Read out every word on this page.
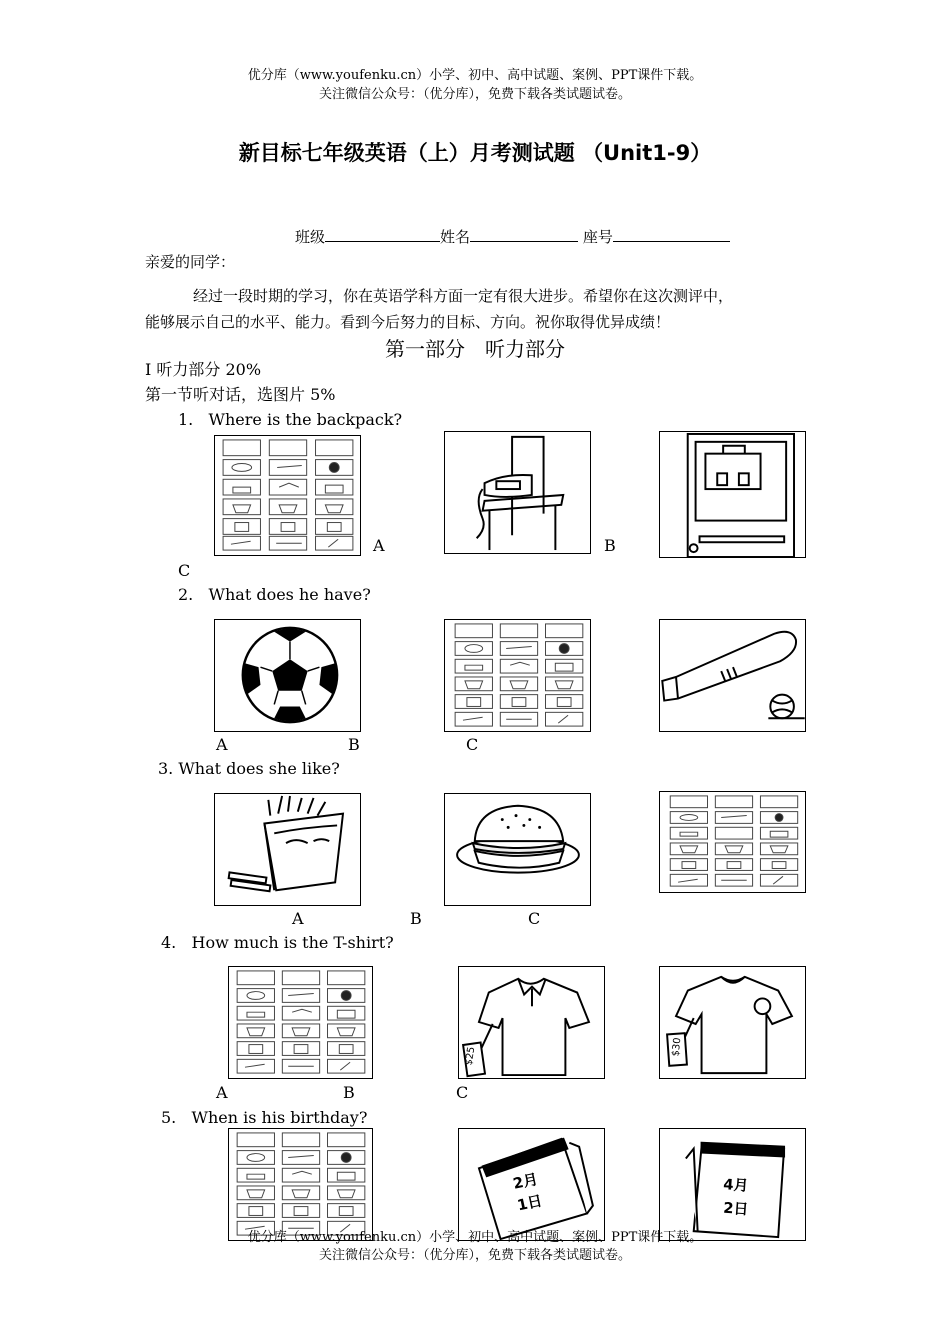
优分库（www.youfenku.cn）小学、初中、高中试题、案例、PPT课件下载。
关注微信公众号：（优分库），免费下载各类试题试卷。
新目标七年级英语（上）月考测试题 （Unit1-9）
班级	姓名	座号
亲爱的同学：
经过一段时期的学习，你在英语学科方面一定有很大进步。希望你在这次测评中，
能够展示自己的水平、能力。看到今后努力的目标、方向。祝你取得优异成绩！
第一部分　听力部分
I 听力部分 20%
第一节听对话，选图片 5%
1. Where is the backpack?
A	B
C
2. What does he have?
A	B	C
3. What does she like?
A	B	C
4. How much is the T-shirt?
$25	$30
A	B	C
5. When is his birthday?
2月
1日
4月
2日
优分库（www.youfenku.cn）小学、初中、高中试题、案例、PPT课件下载。
关注微信公众号：（优分库），免费下载各类试题试卷。
